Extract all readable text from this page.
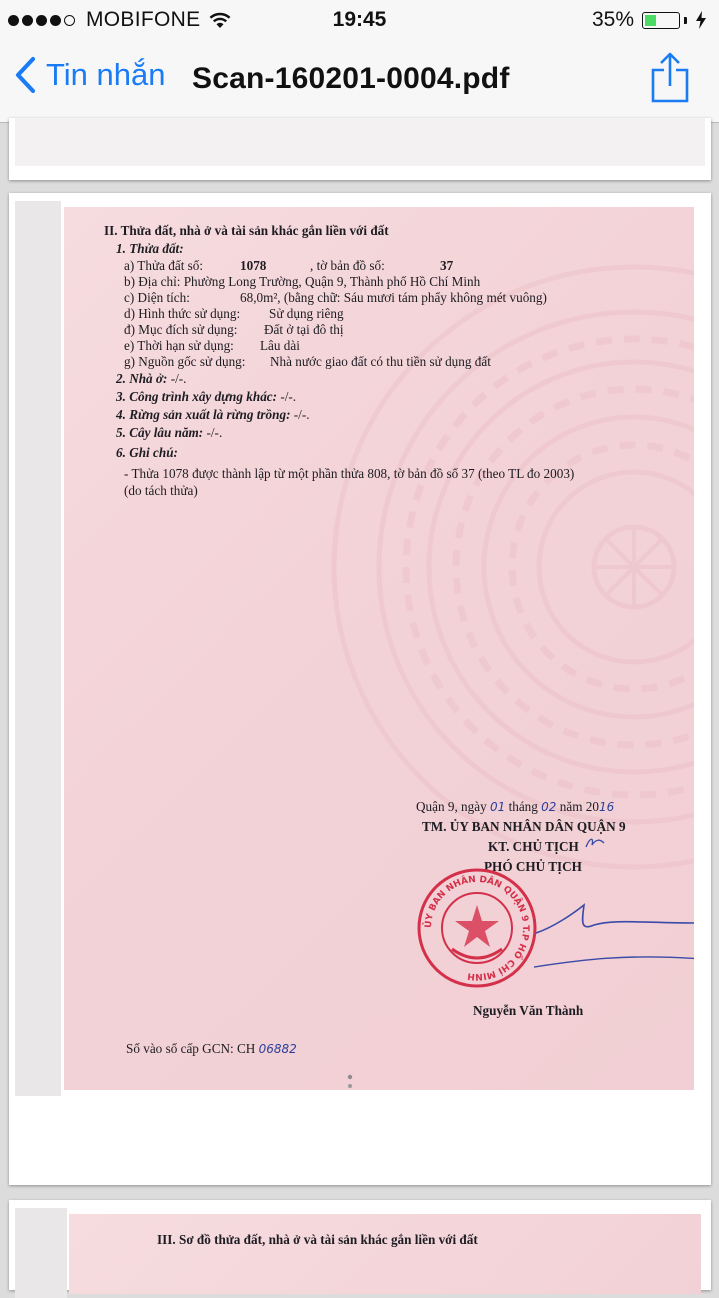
MOBIFONE	19:45	35%
Tin nhắn Scan-160201-0004.pdf
II. Thửa đất, nhà ở và tài sản khác gắn liền với đất
1. Thửa đất:
a) Thửa đất số:	1078	, tờ bản đồ số:	37
b) Địa chỉ: Phường Long Trường, Quận 9, Thành phố Hồ Chí Minh
c) Diện tích:	68,0m², (bằng chữ: Sáu mươi tám phẩy không mét vuông)
d) Hình thức sử dụng: Sử dụng riêng
đ) Mục đích sử dụng: Đất ở tại đô thị
e) Thời hạn sử dụng: Lâu dài
g) Nguồn gốc sử dụng: Nhà nước giao đất có thu tiền sử dụng đất
2. Nhà ở: -/-.
3. Công trình xây dựng khác: -/-.
4. Rừng sản xuất là rừng trồng: -/-.
5. Cây lâu năm: -/-.
6. Ghi chú:
- Thửa 1078 được thành lập từ một phần thửa 808, tờ bản đồ số 37 (theo TL đo 2003)
(do tách thửa)
Quận 9, ngày 01 tháng 02 năm 2016
TM. ỦY BAN NHÂN DÂN QUẬN 9
KT. CHỦ TỊCH
PHÓ CHỦ TỊCH
Nguyễn Văn Thành
Số vào sổ cấp GCN: CH 06882
ỦY BAN NHÂN DÂN QUẬN 9 T.P HỒ CHÍ MINH
III. Sơ đồ thửa đất, nhà ở và tài sản khác gắn liền với đất
